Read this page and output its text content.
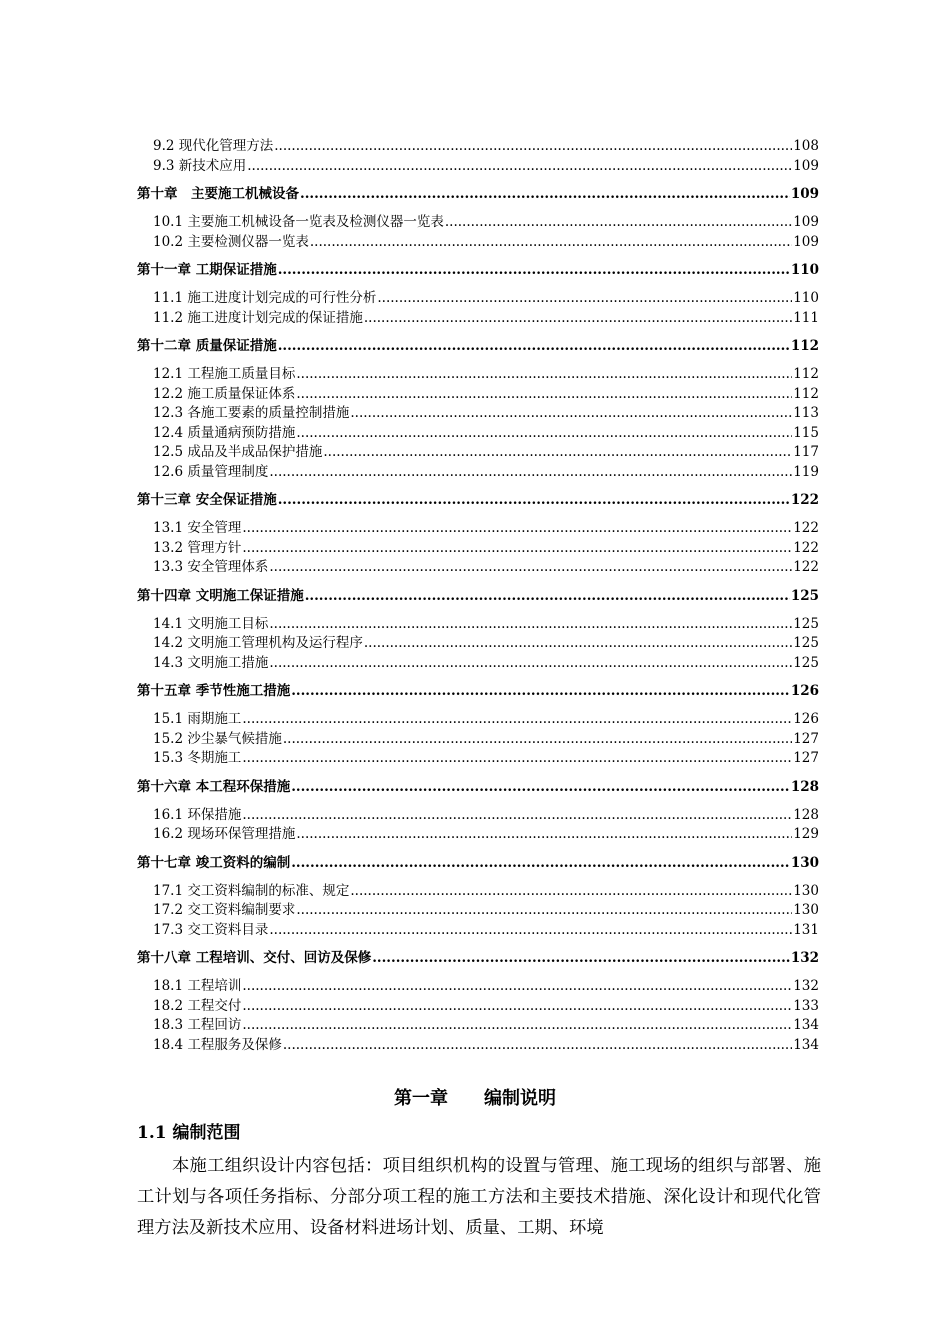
9.2 现代化管理方法 .....	108
9.3 新技术应用 .....	109
第十章　主要施工机械设备 .....	109
10.1 主要施工机械设备一览表及检测仪器一览表 .....	109
10.2 主要检测仪器一览表 .....	109
第十一章 工期保证措施 .....	110
11.1 施工进度计划完成的可行性分析 .....	110
11.2 施工进度计划完成的保证措施 .....	111
第十二章 质量保证措施 .....	112
12.1 工程施工质量目标 .....	112
12.2 施工质量保证体系 .....	112
12.3 各施工要素的质量控制措施 .....	113
12.4 质量通病预防措施 .....	115
12.5 成品及半成品保护措施 .....	117
12.6 质量管理制度 .....	119
第十三章 安全保证措施 .....	122
13.1 安全管理 .....	122
13.2 管理方针 .....	122
13.3 安全管理体系 .....	122
第十四章 文明施工保证措施 .....	125
14.1 文明施工目标 .....	125
14.2 文明施工管理机构及运行程序 .....	125
14.3 文明施工措施 .....	125
第十五章 季节性施工措施 .....	126
15.1 雨期施工 .....	126
15.2 沙尘暴气候措施 .....	127
15.3 冬期施工 .....	127
第十六章 本工程环保措施 .....	128
16.1 环保措施 .....	128
16.2 现场环保管理措施 .....	129
第十七章 竣工资料的编制 .....	130
17.1 交工资料编制的标准、规定 .....	130
17.2 交工资料编制要求 .....	130
17.3 交工资料目录 .....	131
第十八章 工程培训、交付、回访及保修 .....	132
18.1 工程培训 .....	132
18.2 工程交付 .....	133
18.3 工程回访 .....	134
18.4 工程服务及保修 .....	134
第一章　　编制说明
1.1 编制范围
本施工组织设计内容包括：项目组织机构的设置与管理、施工现场的组织与部署、施工计划与各项任务指标、分部分项工程的施工方法和主要技术措施、深化设计和现代化管理方法及新技术应用、设备材料进场计划、质量、工期、环境
